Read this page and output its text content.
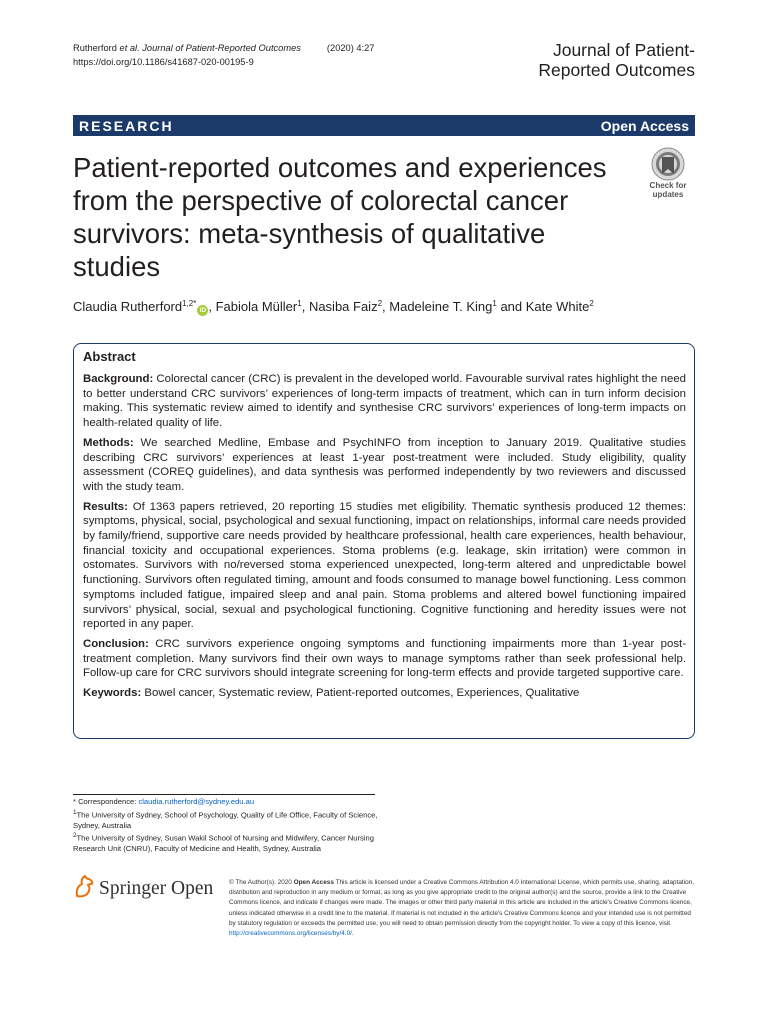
Rutherford et al. Journal of Patient-Reported Outcomes	(2020) 4:27
https://doi.org/10.1186/s41687-020-00195-9
Journal of Patient-
Reported Outcomes
RESEARCH	Open Access
Patient-reported outcomes and experiences from the perspective of colorectal cancer survivors: meta-synthesis of qualitative studies
Check for
updates
Claudia Rutherford$^{1,2*}$iD , Fabiola Müller$^1$, Nasiba Faiz$^2$, Madeleine T. King$^1$ and Kate White$^2$
Abstract

Background: Colorectal cancer (CRC) is prevalent in the developed world. Favourable survival rates highlight the need to better understand CRC survivors’ experiences of long-term impacts of treatment, which can in turn inform decision making. This systematic review aimed to identify and synthesise CRC survivors’ experiences of long-term impacts on health-related quality of life.

Methods: We searched Medline, Embase and PsychINFO from inception to January 2019. Qualitative studies describing CRC survivors’ experiences at least 1-year post-treatment were included. Study eligibility, quality assessment (COREQ guidelines), and data synthesis was performed independently by two reviewers and discussed with the study team.

Results: Of 1363 papers retrieved, 20 reporting 15 studies met eligibility. Thematic synthesis produced 12 themes: symptoms, physical, social, psychological and sexual functioning, impact on relationships, informal care needs provided by family/friend, supportive care needs provided by healthcare professional, health care experiences, health behaviour, financial toxicity and occupational experiences. Stoma problems (e.g. leakage, skin irritation) were common in ostomates. Survivors with no/reversed stoma experienced unexpected, long-term altered and unpredictable bowel functioning. Survivors often regulated timing, amount and foods consumed to manage bowel functioning. Less common symptoms included fatigue, impaired sleep and anal pain. Stoma problems and altered bowel functioning impaired survivors’ physical, social, sexual and psychological functioning. Cognitive functioning and heredity issues were not reported in any paper.

Conclusion: CRC survivors experience ongoing symptoms and functioning impairments more than 1-year post-treatment completion. Many survivors find their own ways to manage symptoms rather than seek professional help. Follow-up care for CRC survivors should integrate screening for long-term effects and provide targeted supportive care.

Keywords: Bowel cancer, Systematic review, Patient-reported outcomes, Experiences, Qualitative

* Correspondence: claudia.rutherford@sydney.edu.au

$^1$The University of Sydney, School of Psychology, Quality of Life Office, Faculty of Science, Sydney, Australia

$^2$The University of Sydney, Susan Wakil School of Nursing and Midwifery, Cancer Nursing Research Unit (CNRU), Faculty of Medicine and Health, Sydney, Australia

Springer Open © The Author(s). 2020 Open Access This article is licensed under a Creative Commons Attribution 4.0 International License, which permits use, sharing, adaptation, distribution and reproduction in any medium or format, as long as you give appropriate credit to the original author(s) and the source, provide a link to the Creative Commons licence, and indicate if changes were made. The images or other third party material in this article are included in the article's Creative Commons licence, unless indicated otherwise in a credit line to the material. If material is not included in the article's Creative Commons licence and your intended use is not permitted by statutory regulation or exceeds the permitted use, you will need to obtain permission directly from the copyright holder. To view a copy of this licence, visit http://creativecommons.org/licenses/by/4.0/.
